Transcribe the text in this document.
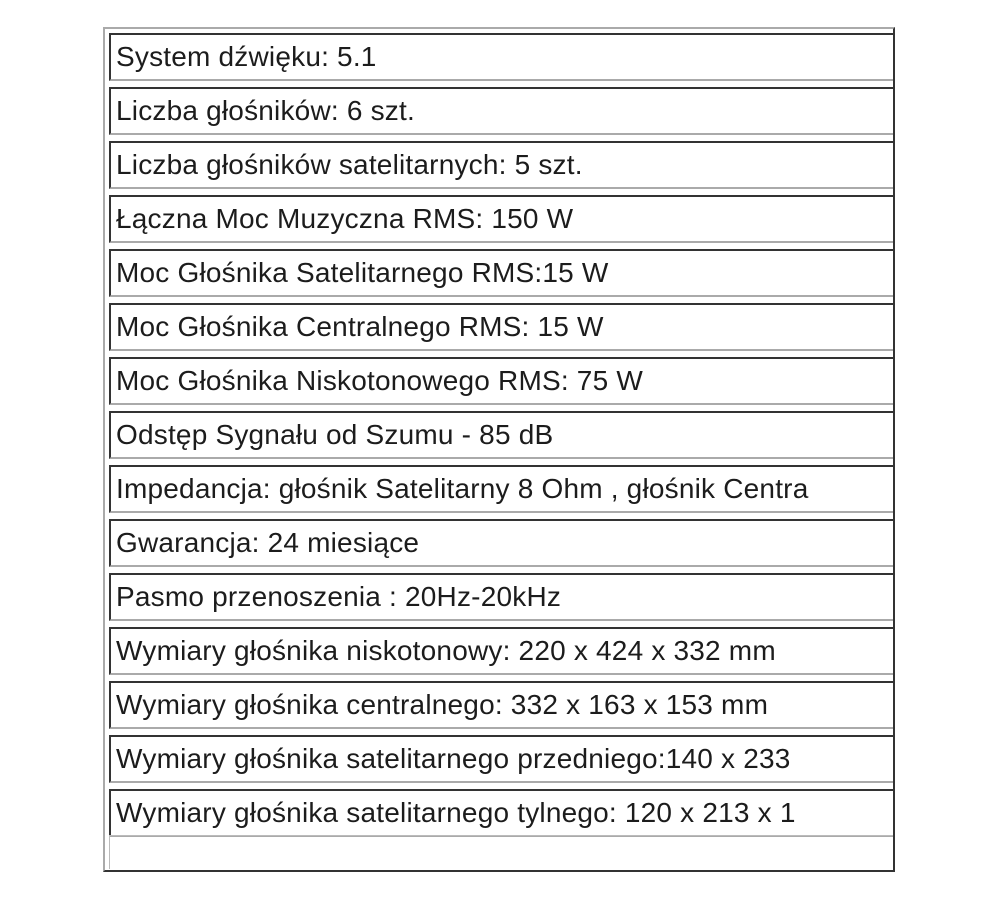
System dźwięku: 5.1
Liczba głośników: 6 szt.
Liczba głośników satelitarnych: 5 szt.
Łączna Moc Muzyczna RMS: 150 W
Moc Głośnika Satelitarnego RMS:15 W
Moc Głośnika Centralnego RMS: 15 W
Moc Głośnika Niskotonowego RMS: 75 W
Odstęp Sygnału od Szumu - 85 dB
Impedancja: głośnik Satelitarny 8 Ohm , głośnik Centra
Gwarancja: 24 miesiące
Pasmo przenoszenia : 20Hz-20kHz
Wymiary głośnika niskotonowy: 220 x 424 x 332 mm
Wymiary głośnika centralnego: 332 x 163 x 153 mm
Wymiary głośnika satelitarnego przedniego:140 x 233
Wymiary głośnika satelitarnego tylnego: 120 x 213 x 1
